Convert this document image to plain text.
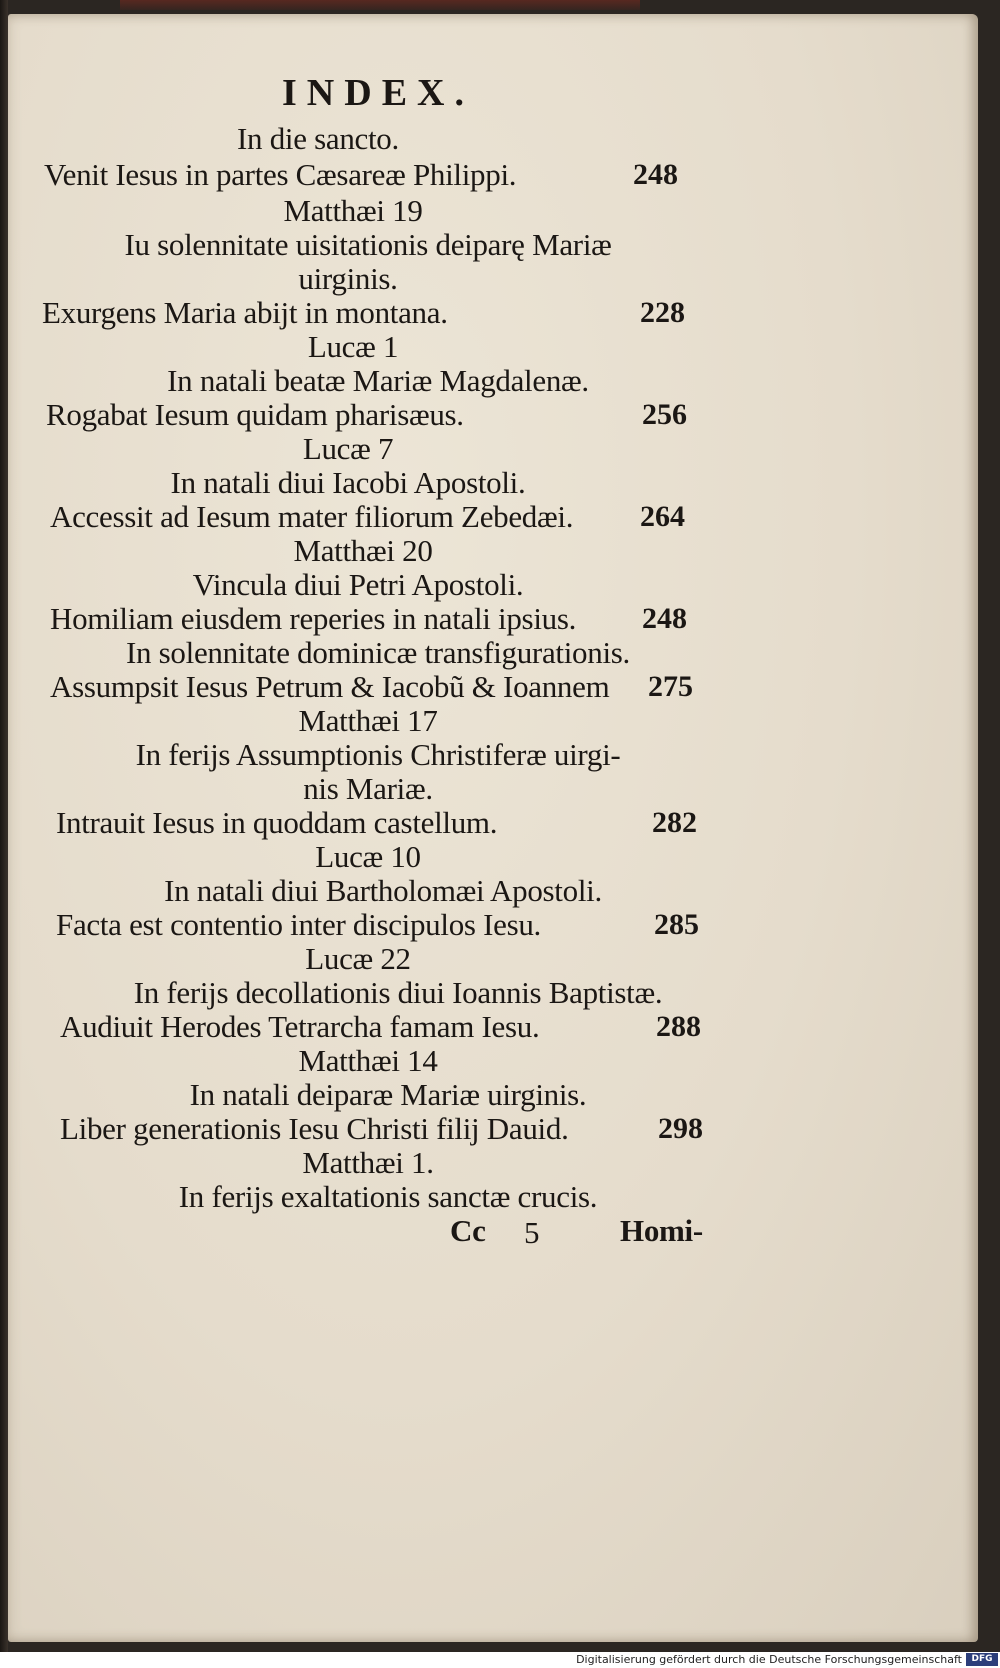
INDEX.
In die sancto.
Venit Iesus in partes Cæsareæ Philippi.	248
Matthæi 19
Iu solennitate uisitationis deiparę Mariæ
uirginis.
Exurgens Maria abiјt in montana.	228
Lucæ 1
In natali beatæ Mariæ Magdalenæ.
Rogabat Iesum quidam pharisæus.	256
Lucæ 7
In natali diui Iacobi Apostoli.
Accessit ad Iesum mater filiorum Zebedæi. 264
Matthæi 20
Vincula diui Petri Apostoli.
Homiliam eiusdem reperies in natali ipsius. 248
In solennitate dominicæ transfigurationis.
Assumpsit Iesus Petrum & Iacobũ & Ioannem 275
Matthæi 17
In ferijs Assumptionis Christiferæ uirgi-
nis Mariæ.
Intrauit Iesus in quoddam castellum.	282
Lucæ 10
In natali diui Bartholomæi Apostoli.
Facta est contentio inter discipulos Iesu.	285
Lucæ 22
In ferijs decollationis diui Ioannis Baptistæ.
Audiuit Herodes Tetrarcha famam Iesu.	288
Matthæi 14
In natali deiparæ Mariæ uirginis.
Liber generationis Iesu Christi filij Dauid.	298
Matthæi 1.
In ferijs exaltationis sanctæ crucis.
Cc 5	Homi-
Digitalisierung gefördert durch die Deutsche Forschungsgemeinschaft	DFG
